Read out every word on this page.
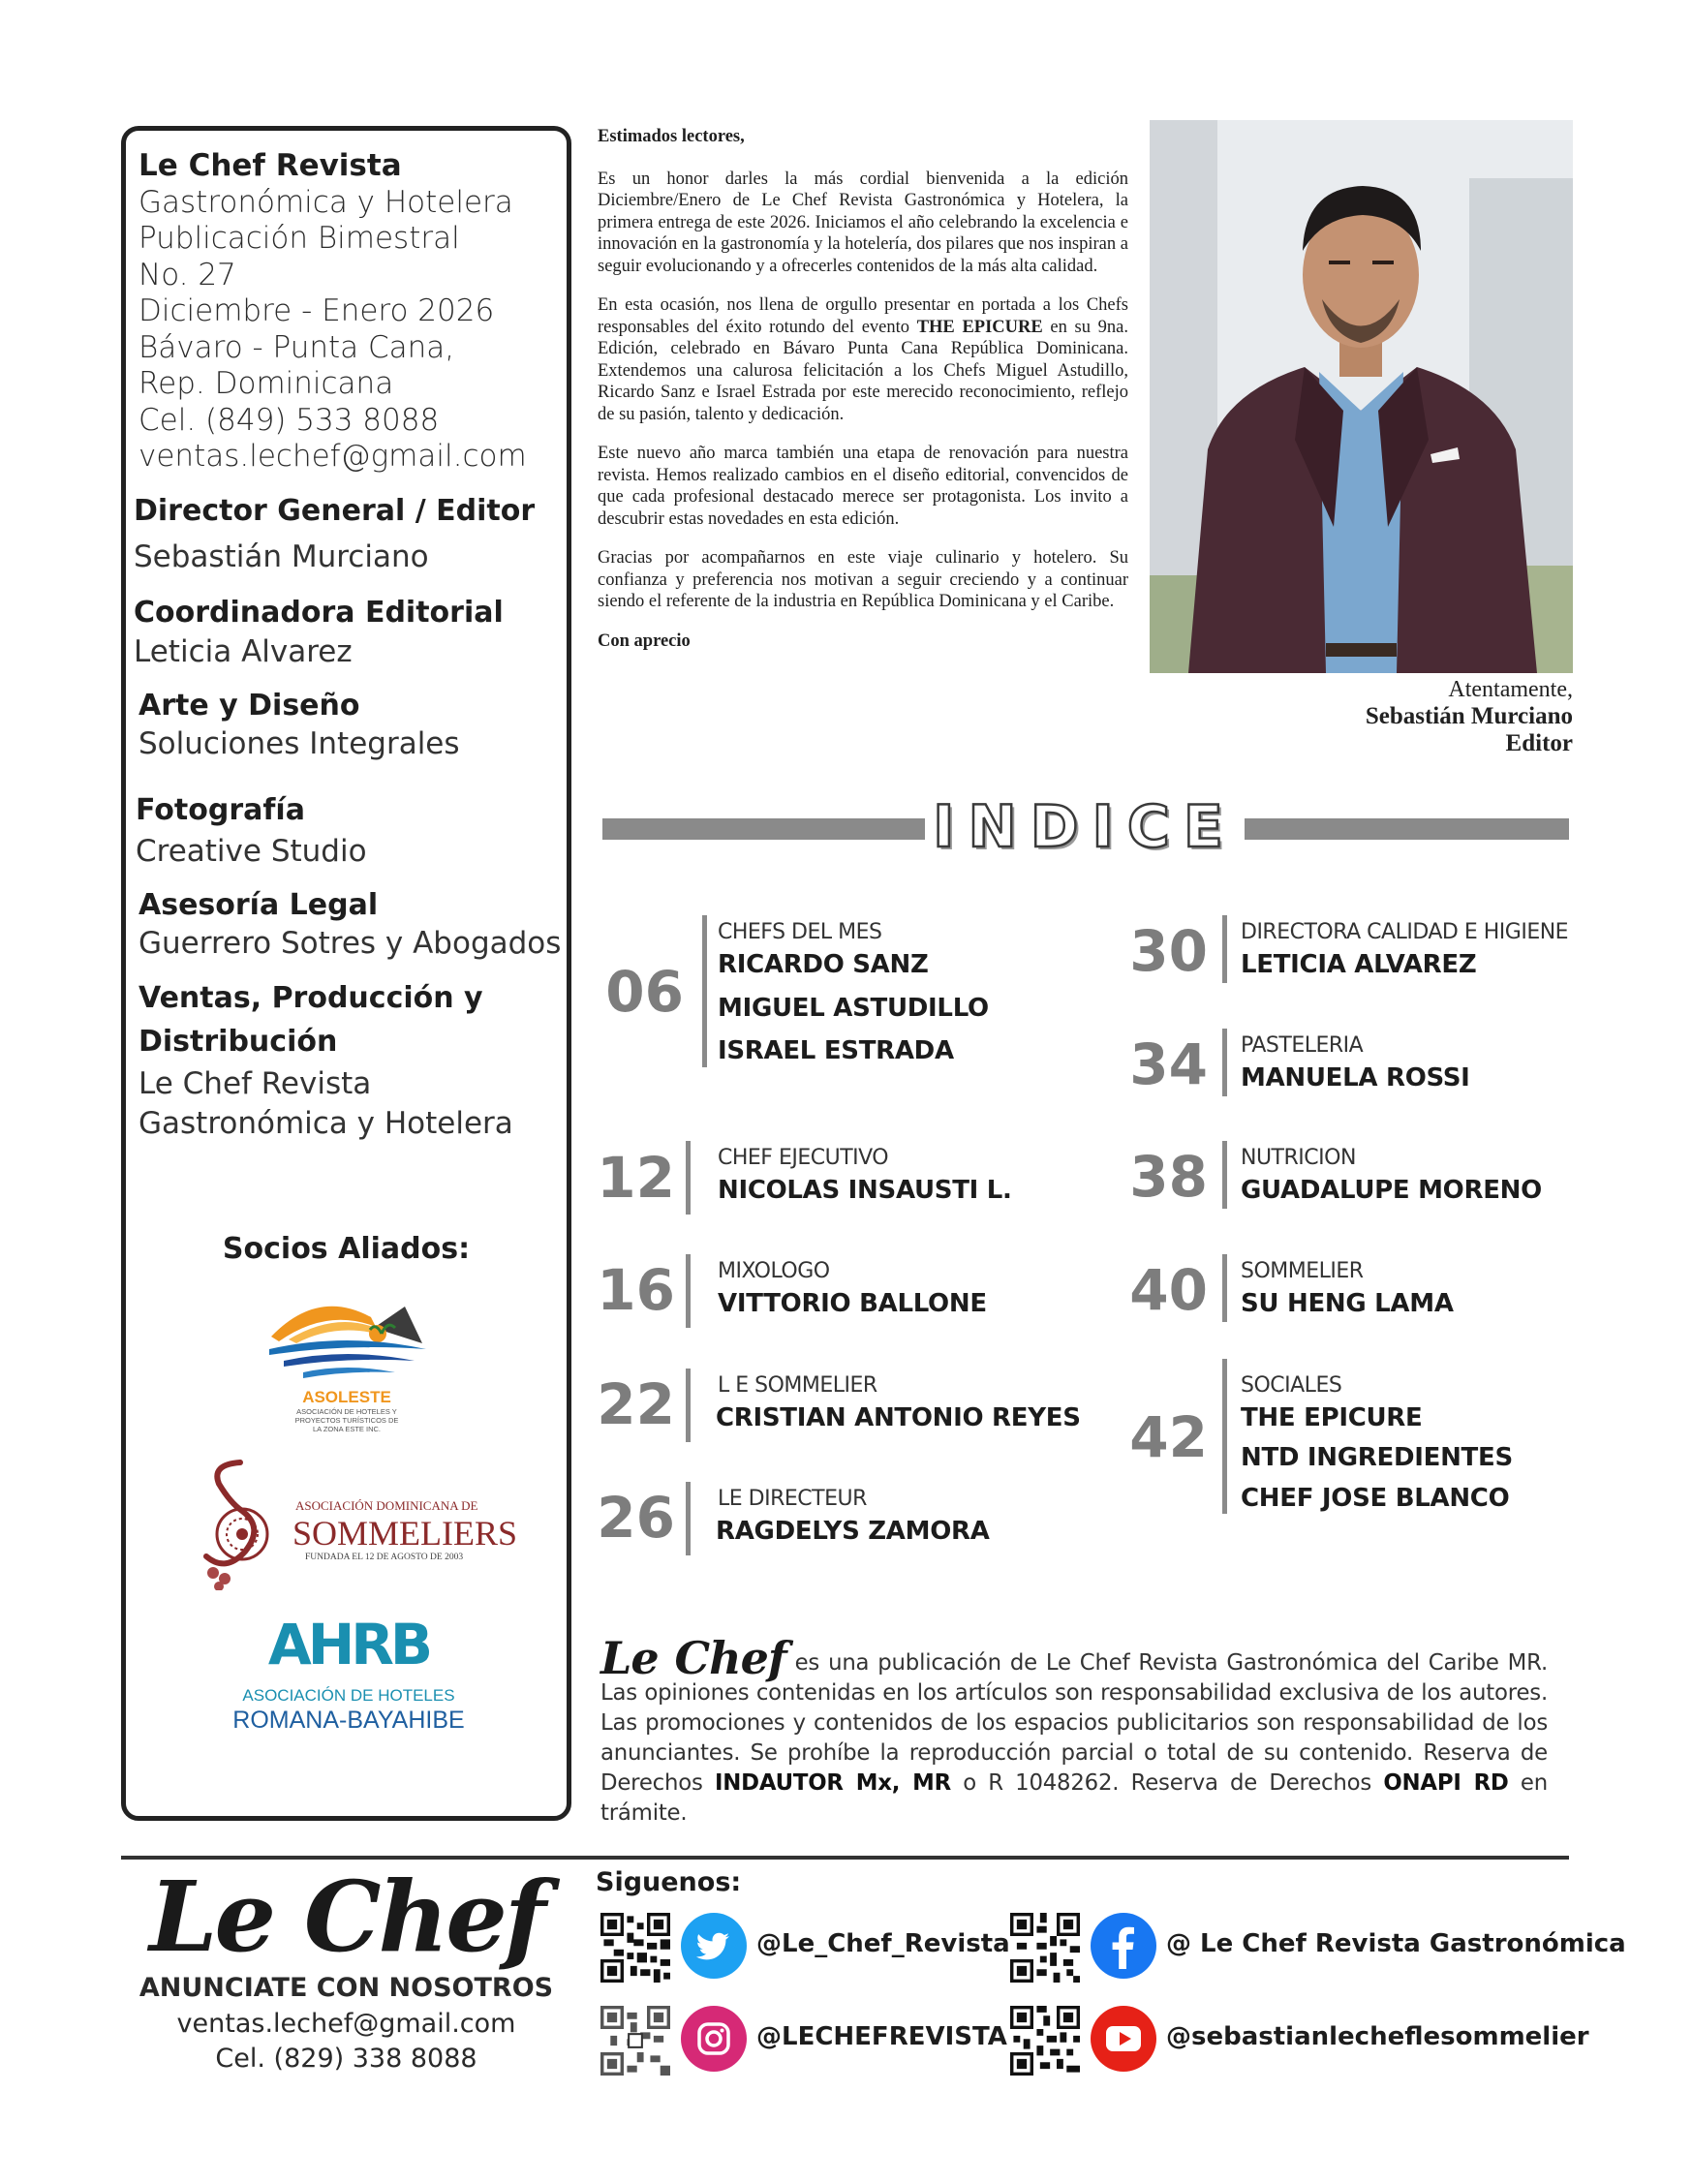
Le Chef Revista
Gastronómica y Hotelera
Publicación Bimestral
No. 27
Diciembre - Enero 2026
Bávaro - Punta Cana,
Rep. Dominicana
Cel. (849) 533 8088
ventas.lechef@gmail.com
Director General / Editor
Sebastián Murciano
Coordinadora Editorial
Leticia Alvarez
Arte y Diseño
Soluciones Integrales
Fotografía
Creative Studio
Asesoría Legal
Guerrero Sotres y Abogados
Ventas, Producción y
Distribución
Le Chef Revista
Gastronómica y Hotelera
Socios Aliados:
ASOLESTE
ASOCIACIÓN DE HOTELES Y
PROYECTOS TURÍSTICOS DE
LA ZONA ESTE INC.
ASOCIACIÓN DOMINICANA DE
SOMMELIERS
FUNDADA EL 12 DE AGOSTO DE 2003
AHRB
ASOCIACIÓN DE HOTELES
ROMANA-BAYAHIBE

Estimados lectores,

Es un honor darles la más cordial bienvenida a la edición Diciembre/Enero de Le Chef Revista Gastronómica y Hotelera, la primera entrega de este 2026. Iniciamos el año celebrando la excelencia e innovación en la gastronomía y la hotelería, dos pilares que nos inspiran a seguir evolucionando y a ofrecerles contenidos de la más alta calidad.

En esta ocasión, nos llena de orgullo presentar en portada a los Chefs responsables del éxito rotundo del evento THE EPICURE en su 9na. Edición, celebrado en Bávaro Punta Cana República Dominicana. Extendemos una calurosa felicitación a los Chefs Miguel Astudillo, Ricardo Sanz e Israel Estrada por este merecido reconocimiento, reflejo de su pasión, talento y dedicación.

Este nuevo año marca también una etapa de renovación para nuestra revista. Hemos realizado cambios en el diseño editorial, convencidos de que cada profesional destacado merece ser protagonista. Los invito a descubrir estas novedades en esta edición.

Gracias por acompañarnos en este viaje culinario y hotelero. Su confianza y preferencia nos motivan a seguir creciendo y a continuar siendo el referente de la industria en República Dominicana y el Caribe.

Con aprecio

Atentamente,
Sebastián Murciano
Editor
INDICE
06
CHEFS DEL MES
RICARDO SANZ
MIGUEL ASTUDILLO
ISRAEL ESTRADA
12 CHEF EJECUTIVO
NICOLAS INSAUSTI L.
16 MIXOLOGO
VITTORIO BALLONE
22 L E SOMMELIER
CRISTIAN ANTONIO REYES
26 LE DIRECTEUR
RAGDELYS ZAMORA
30 DIRECTORA CALIDAD E HIGIENE
LETICIA ALVAREZ
34 PASTELERIA
MANUELA ROSSI
38 NUTRICION
GUADALUPE MORENO
40 SOMMELIER
SU HENG LAMA
42
SOCIALES
THE EPICURE
NTD INGREDIENTES
CHEF JOSE BLANCO
Le Chef es una publicación de Le Chef Revista Gastronómica del Caribe MR. Las opiniones contenidas en los artículos son responsabilidad exclusiva de los autores. Las promociones y contenidos de los espacios publicitarios son responsabilidad de los anunciantes. Se prohíbe la reproducción parcial o total de su contenido. Reserva de Derechos INDAUTOR Mx, MR o R 1048262. Reserva de Derechos ONAPI RD en trámite.
Le Chef
ANUNCIATE CON NOSOTROS
ventas.lechef@gmail.com
Cel. (829) 338 8088
Siguenos:
@Le_Chef_Revista	@ Le Chef Revista Gastronómica
@LECHEFREVISTA	@sebastianlecheflesommelier
